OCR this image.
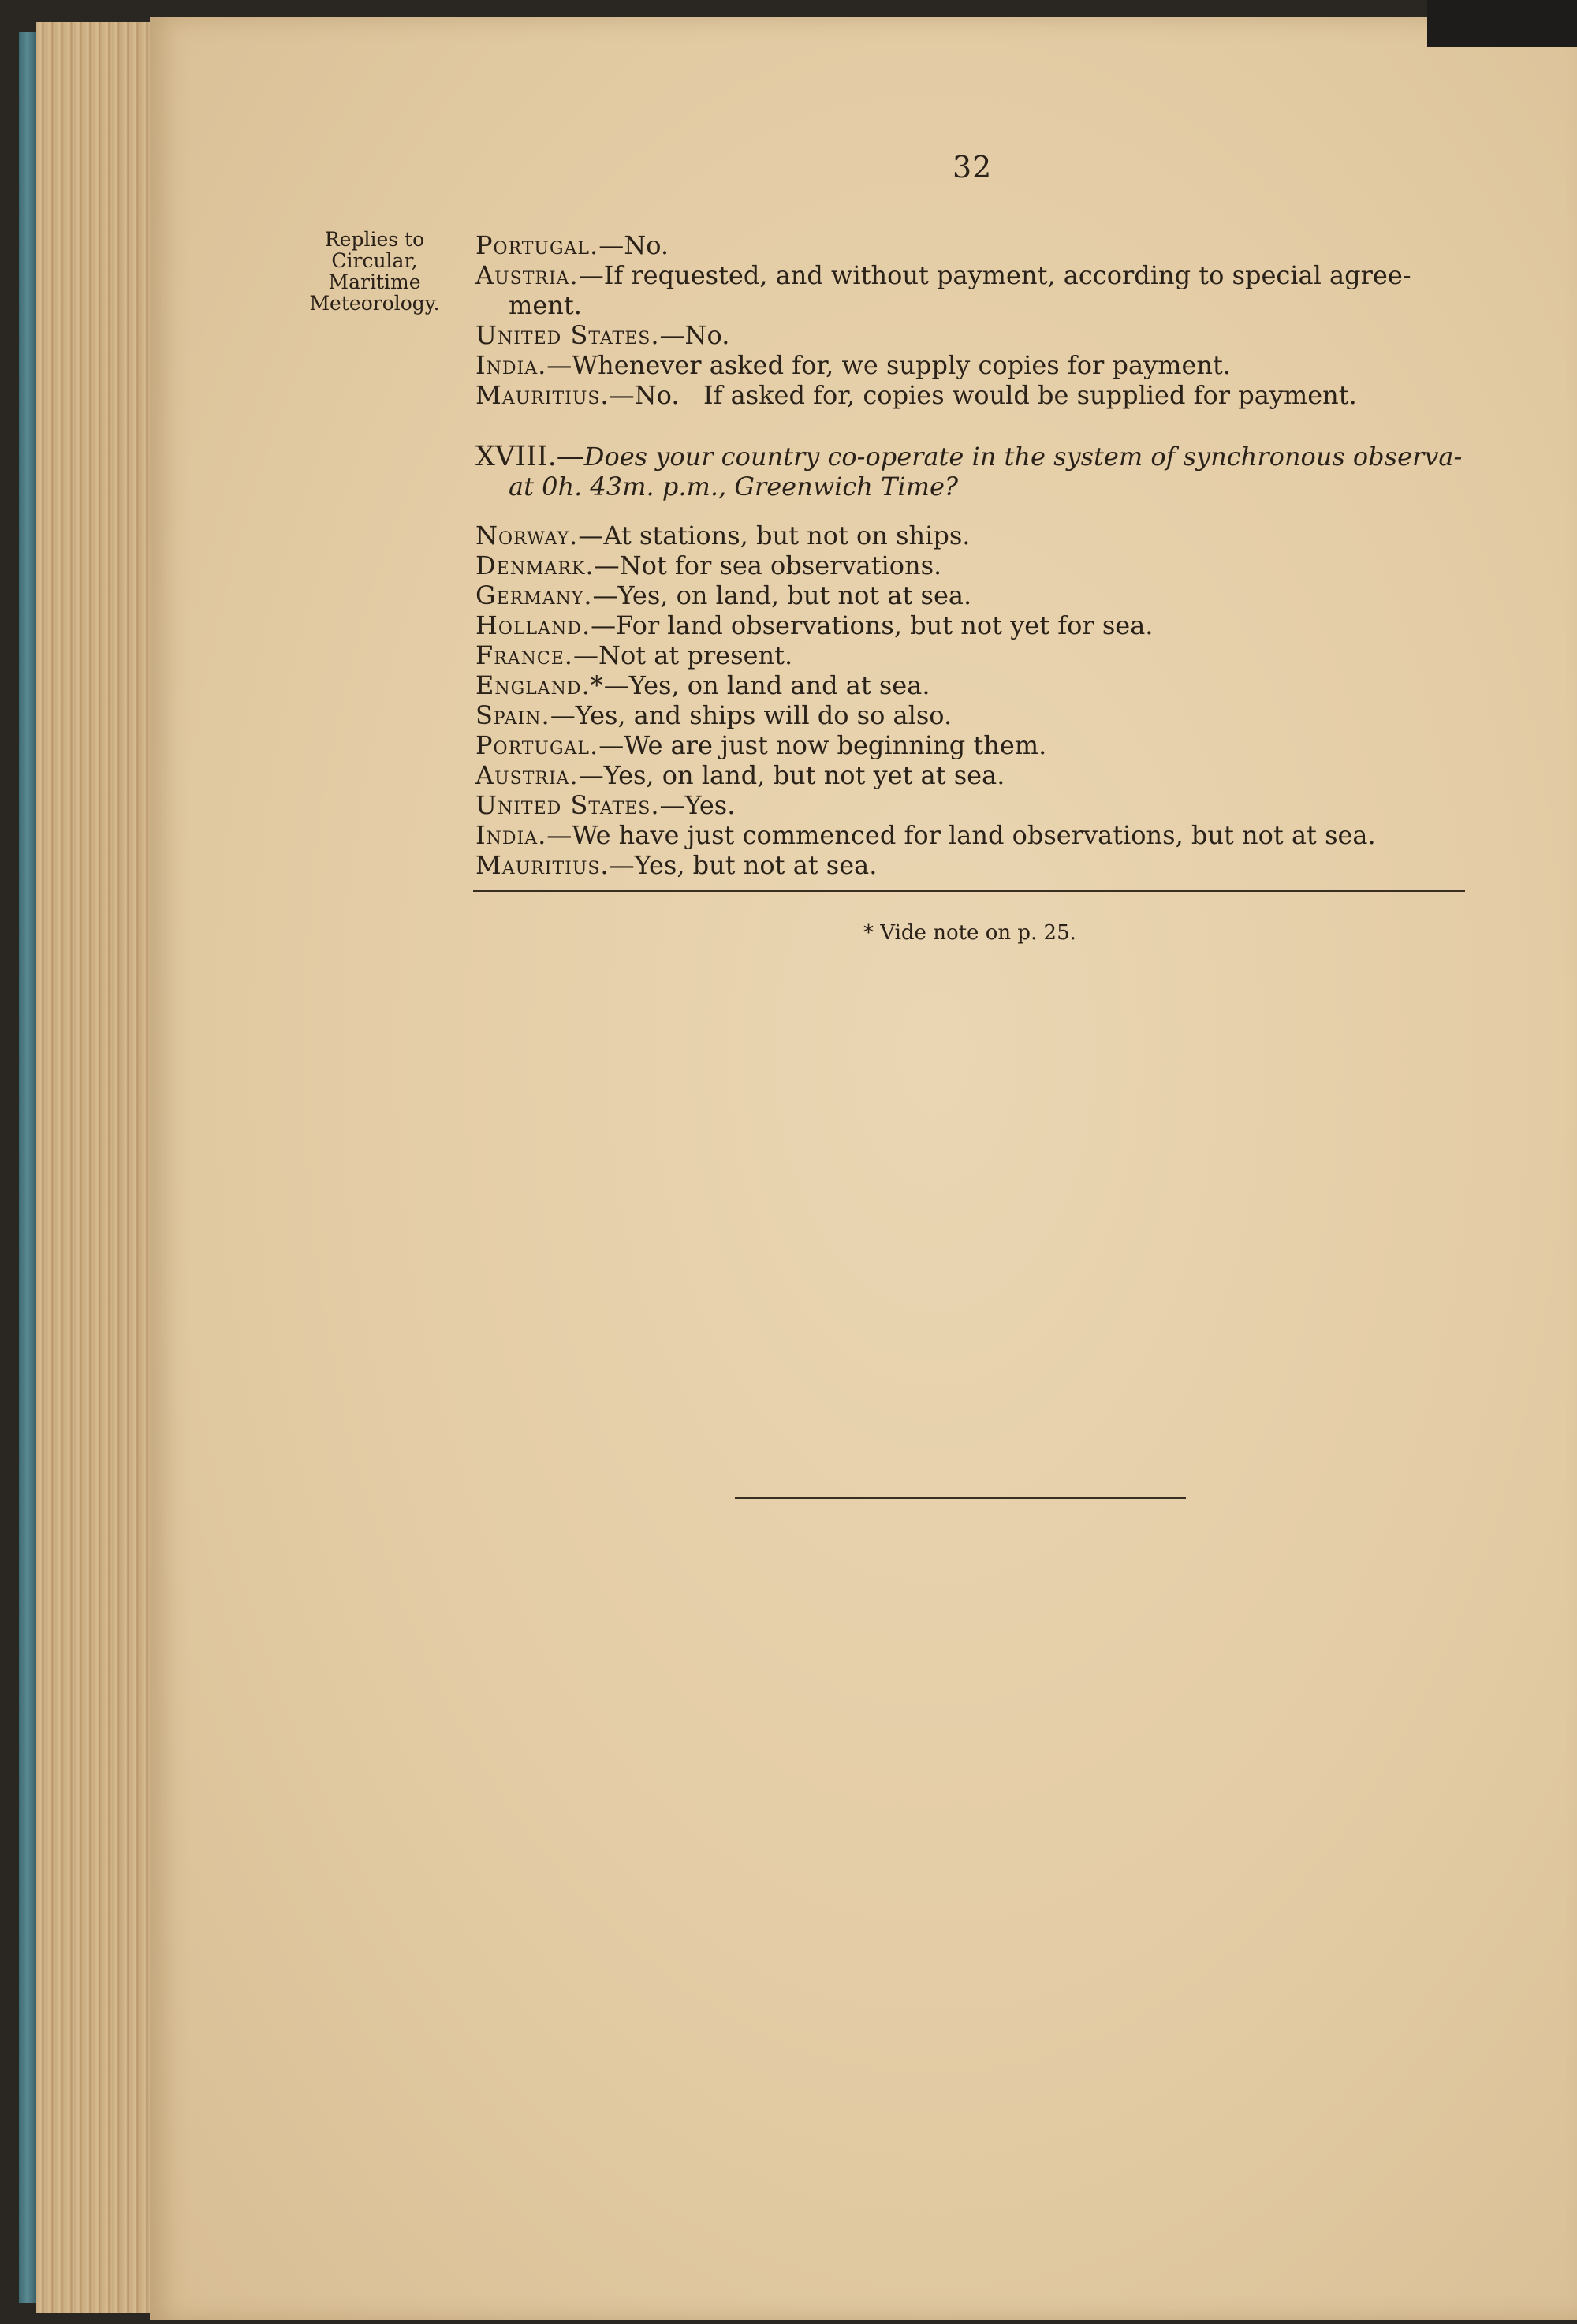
32
Replies to Circular, Maritime Meteorology.
Portugal.—No.
Austria.—If requested, and without payment, according to special agree-
ment.
United States.—No.
India.—Whenever asked for, we supply copies for payment.
Mauritius.—No.   If asked for, copies would be supplied for payment.
XVIII.—Does your country co-operate in the system of synchronous observa-
at 0h. 43m. p.m., Greenwich Time?
Norway.—At stations, but not on ships.
Denmark.—Not for sea observations.
Germany.—Yes, on land, but not at sea.
Holland.—For land observations, but not yet for sea.
France.—Not at present.
England.*—Yes, on land and at sea.
Spain.—Yes, and ships will do so also.
Portugal.—We are just now beginning them.
Austria.—Yes, on land, but not yet at sea.
United States.—Yes.
India.—We have just commenced for land observations, but not at sea.
Mauritius.—Yes, but not at sea.
* Vide note on p. 25.
